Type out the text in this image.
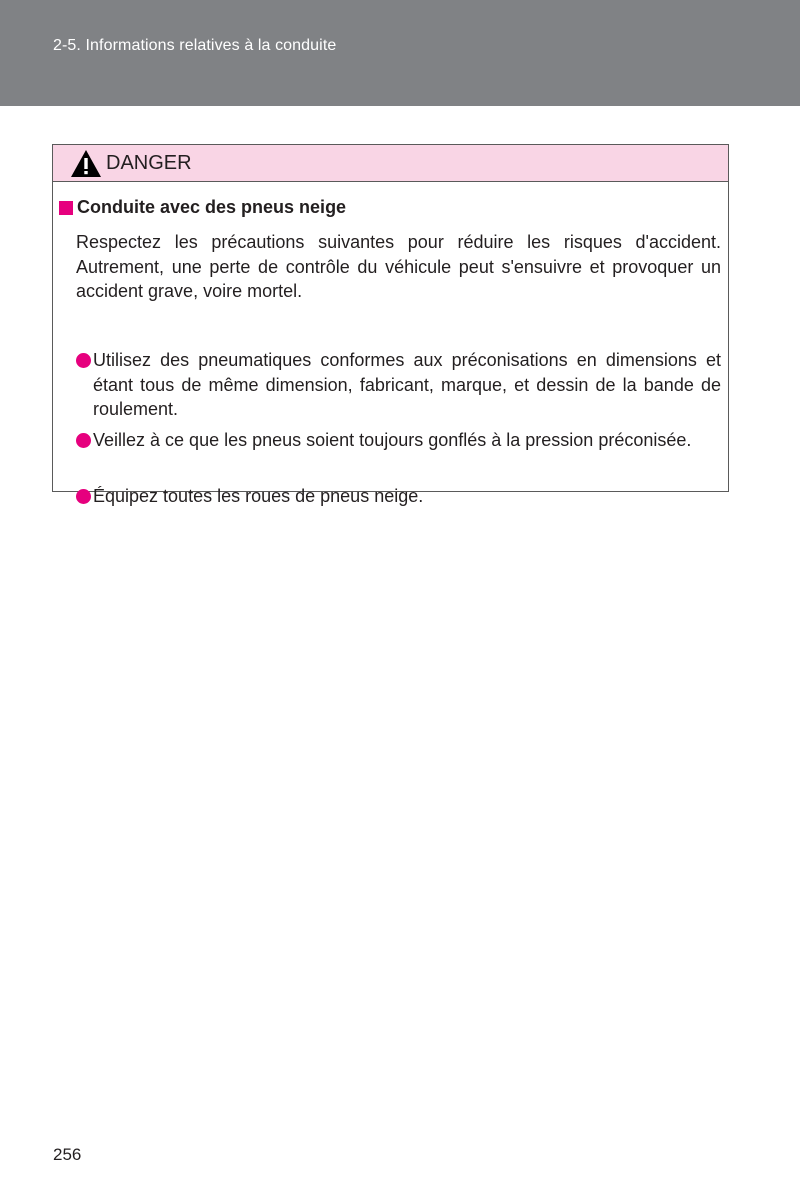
2-5. Informations relatives à la conduite
DANGER
Conduite avec des pneus neige

Respectez les précautions suivantes pour réduire les risques d'accident. Autrement, une perte de contrôle du véhicule peut s'ensuivre et provoquer un accident grave, voire mortel.

Utilisez des pneumatiques conformes aux préconisations en dimensions et étant tous de même dimension, fabricant, marque, et dessin de la bande de roulement.
Veillez à ce que les pneus soient toujours gonflés à la pression préconisée.
Équipez toutes les roues de pneus neige.
256
